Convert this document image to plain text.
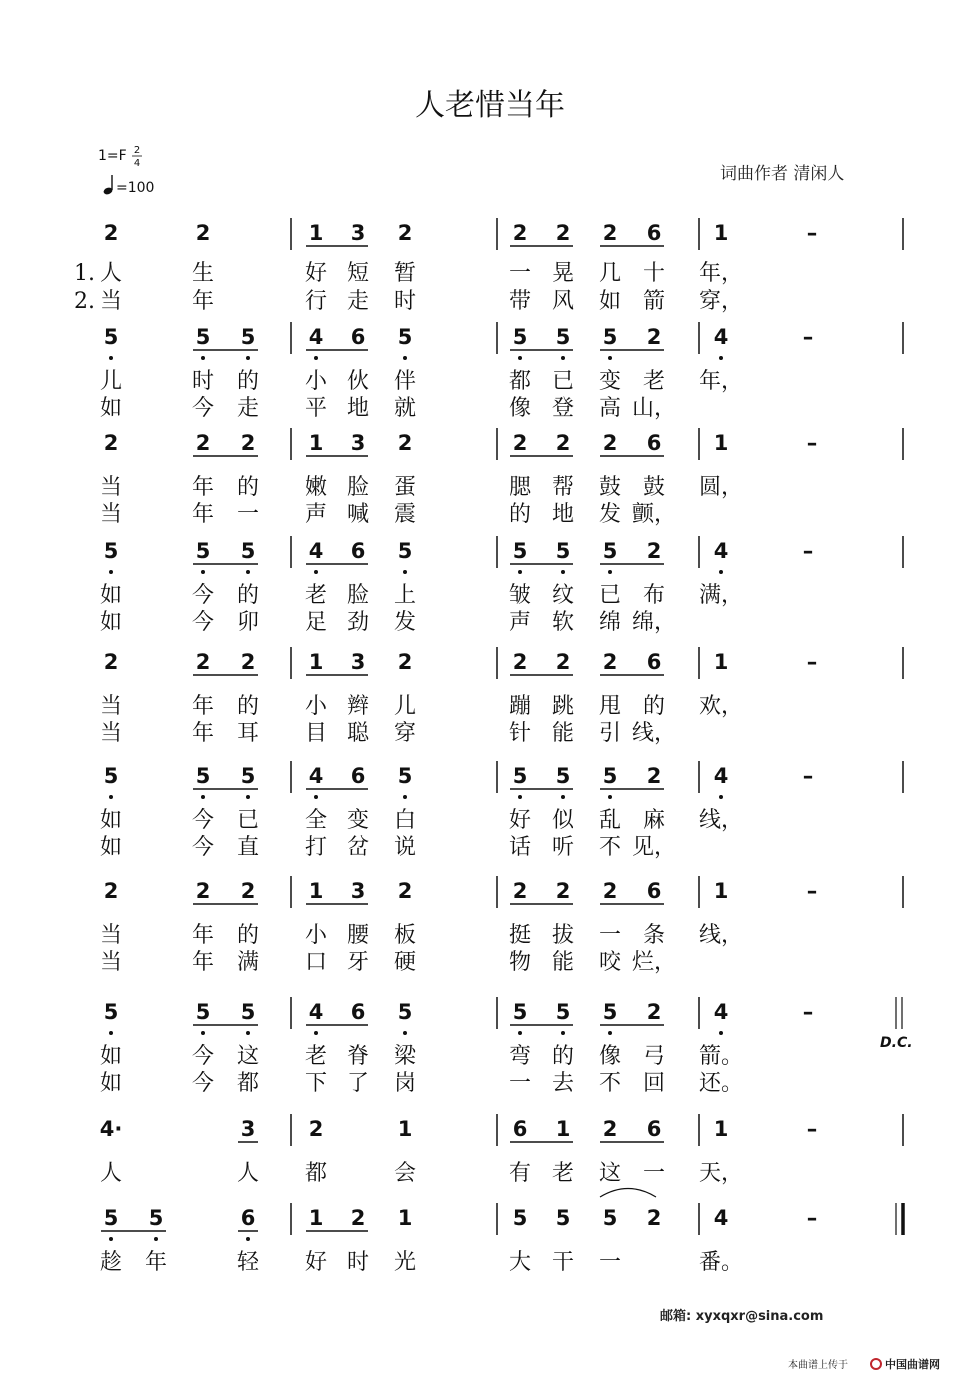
人老惜当年
1=F 2
4
=100
词曲作者 清闲人
2	2	1 3 2	2 2 2 6 1	–
人	生	好 短 暂	一 晃 几 十 年，
当	年	行 走 时	带 风 如 箭 穿，
5	5 5	4 6 5	5 5 5 2 4	–
儿	时 的 小 伙 伴	都 已 变 老 年，
如	今 走 平 地 就	像 登 高 山，
2	2 2	1 3 2	2 2 2 6 1	–
当	年 的 嫩 脸 蛋	腮 帮 鼓 鼓 圆，
当	年 一 声 喊 震	的 地 发 颤，
5	5 5	4 6 5	5 5 5 2 4	–
如	今 的 老 脸 上	皱 纹 已 布 满，
如	今 卯 足 劲 发	声 软 绵 绵，
2	2 2	1 3 2	2 2 2 6 1	–
当	年 的 小 辫 儿	蹦 跳 甩 的 欢，
当	年 耳 目 聪 穿	针 能 引 线，
5	5 5	4 6 5	5 5 5 2 4	–
如	今 已 全 变 白	好 似 乱 麻 线，
如	今 直 打 岔 说	话 听 不 见，
2	2 2	1 3 2	2 2 2 6 1	–
当	年 的 小 腰 板	挺 拔 一 条 线，
当	年 满 口 牙 硬	物 能 咬 烂，
5	5 5	4 6 5	5 5 5 2 4	–
如	今 这 老 脊 梁	弯 的 像 弓 箭。
如	今 都 下 了 岗	一 去 不 回 还。
4·	3	2	1	6 1 2 6 1	–
人	人 都	会	有 老 这 一 天，
5 5	6	1 2 1	5 5 5 2 4	–
趁 年	轻 好 时 光	大 干 一	番。
1.
2.
D.C.
邮箱: xyxqxr@sina.com
本曲谱上传于	中国曲谱网
